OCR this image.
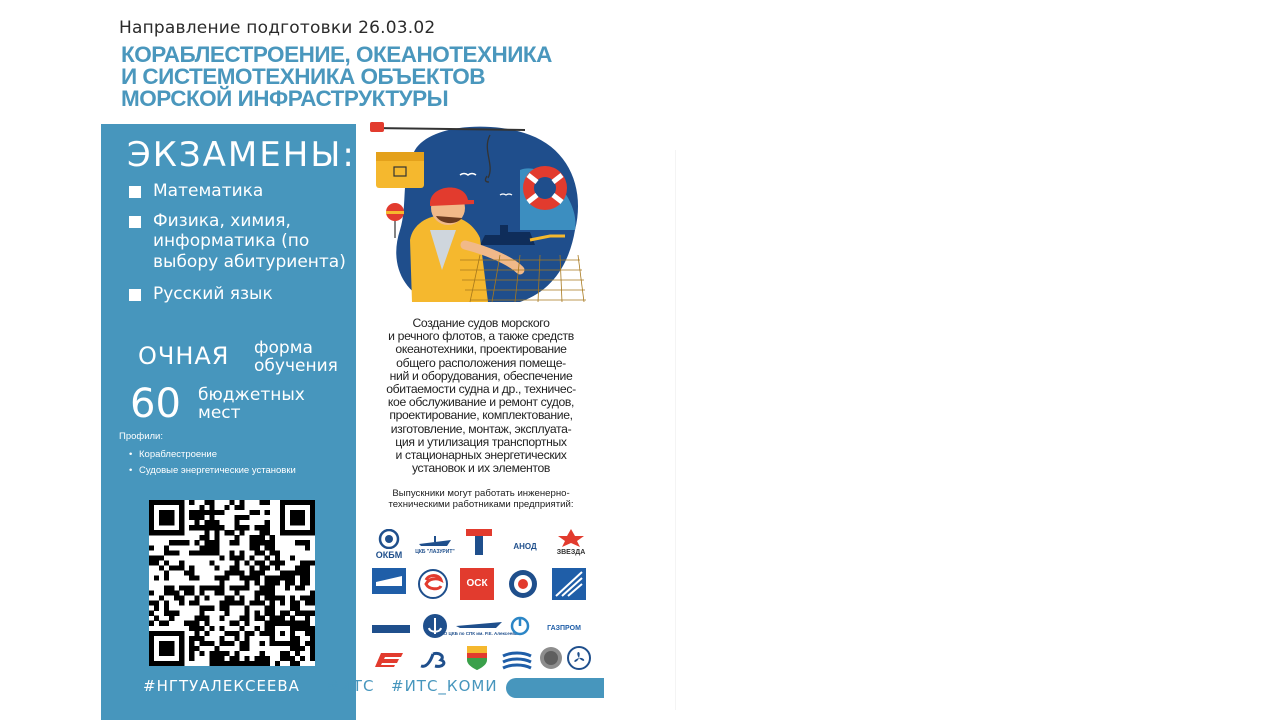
Направление подготовки 26.03.02
КОРАБЛЕСТРОЕНИЕ, ОКЕАНОТЕХНИКА
И СИСТЕМОТЕХНИКА ОБЪЕКТОВ
МОРСКОЙ ИНФРАСТРУКТУРЫ
ЭКЗАМЕНЫ:
Математика
Физика, химия, информатика (по выбору абитуриента)
Русский язык
ОЧНАЯ форма обучения
60 бюджетных мест
Профили:
• Кораблестроение
• Судовые энергетические установки
#НГТУАЛЕКСЕЕВА #ИТС #ИТС_КОМИ
Создание судов морского
и речного флотов, а также средств
океанотехники, проектирование
общего расположения помеще-
ний и оборудования, обеспечение
обитаемости судна и др., техничес-
кое обслуживание и ремонт судов,
проектирование, комплектование,
изготовление, монтаж, эксплуата-
ция и утилизация транспортных
и стационарных энергетических
установок и их элементов
Выпускники могут работать инженерно-
техническими работниками предприятий:
ОКБМ	ЦКБ "ЛАЗУРИТ"
АНОД
ЗВЕЗДА
ОСК
АО ЦКБ по СПК им. Р.Е. Алексеева
ГАЗПРОМ
